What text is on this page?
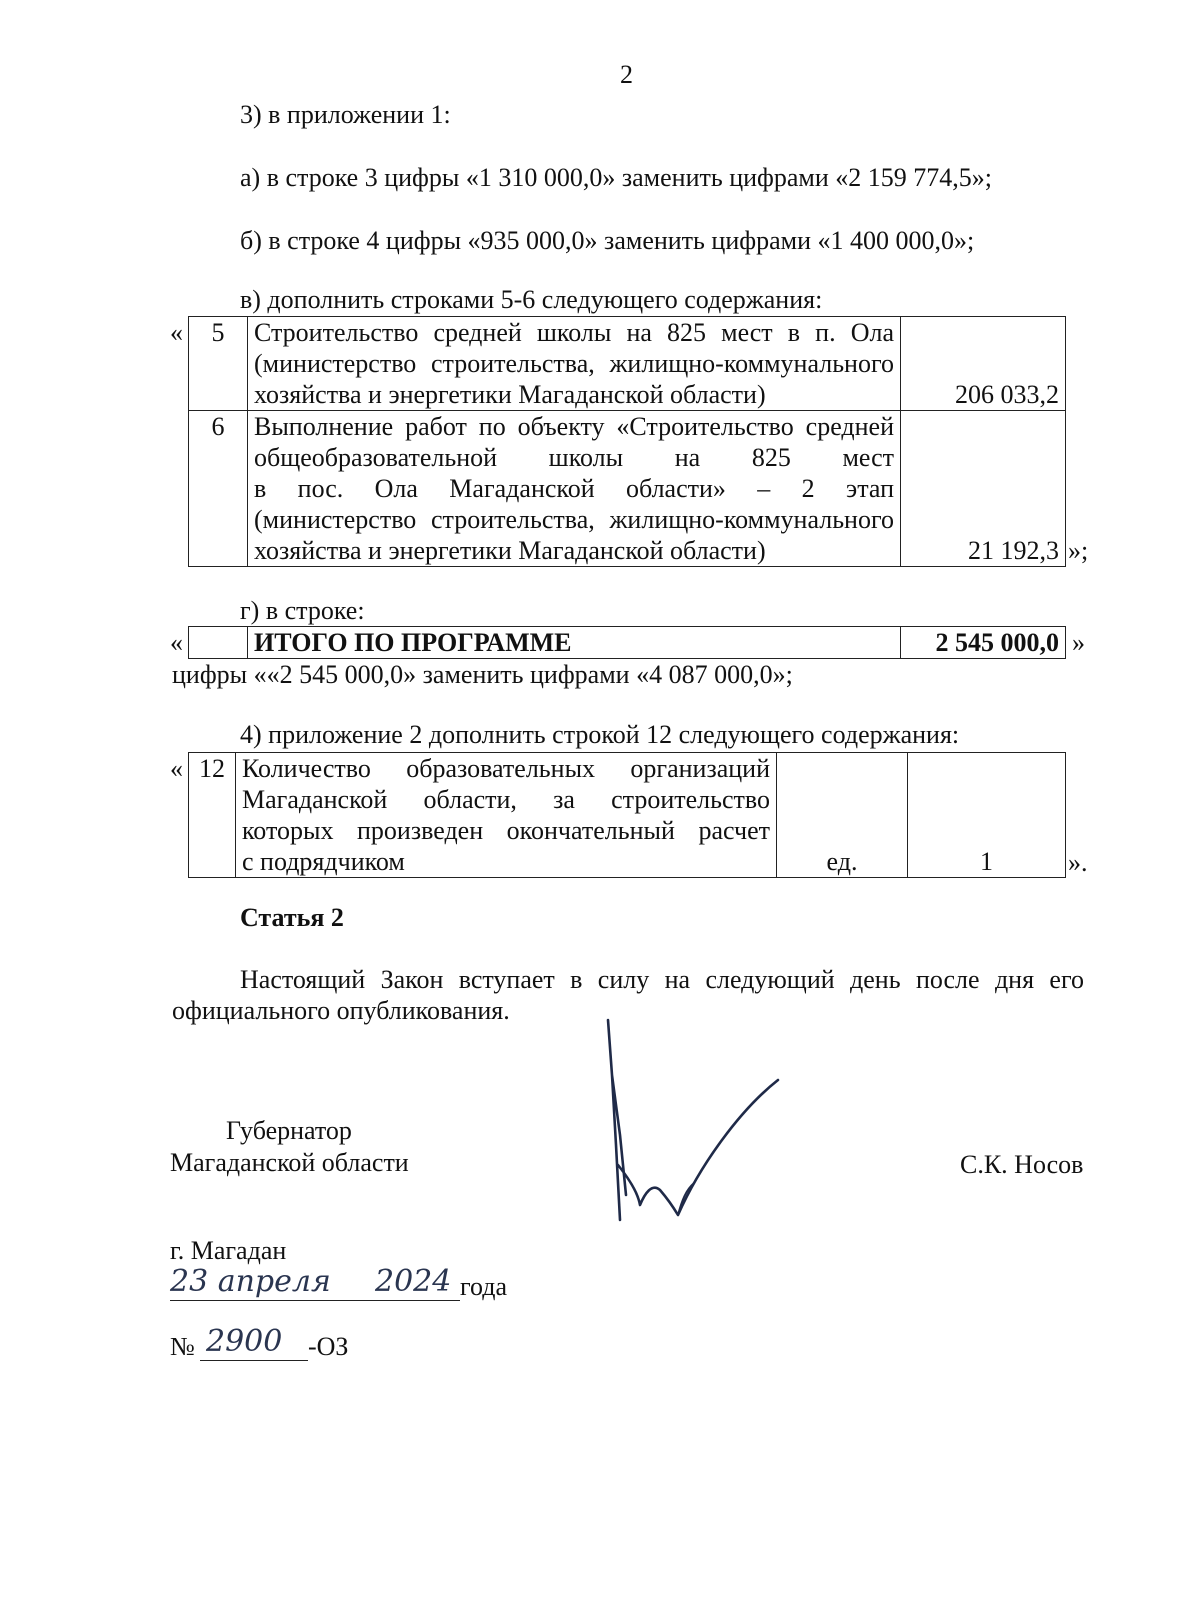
2
3) в приложении 1:
а) в строке 3 цифры «1 310 000,0» заменить цифрами «2 159 774,5»;
б) в строке 4 цифры «935 000,0» заменить цифрами «1 400 000,0»;
в) дополнить строками 5-6 следующего содержания:
« 5	Строительство средней школы на 825 мест в п. Ола
(министерство строительства, жилищно-коммунального
хозяйства и энергетики Магаданской области)	206 033,2
6	Выполнение работ по объекту «Строительство средней
общеобразовательной школы на 825 мест
в пос. Ола Магаданской области» – 2 этап
(министерство строительства, жилищно-коммунального
хозяйства и энергетики Магаданской области)	21 192,3 »;
г) в строке:
«
		ИТОГО ПО ПРОГРАММЕ	2 545 000,0 »
цифры ««2 545 000,0» заменить цифрами «4 087 000,0»;
4) приложение 2 дополнить строкой 12 следующего содержания:
« 12	Количество образовательных организаций
Магаданской области, за строительство
которых произведен окончательный расчет
с подрядчиком	ед.	1	».
Статья 2
Настоящий Закон вступает в силу на следующий день после дня его
официального опубликования.
Губернатор
Магаданской области	С.К. Носов
г. Магадан
23 апреля 2024 года
№ 2900 -ОЗ
